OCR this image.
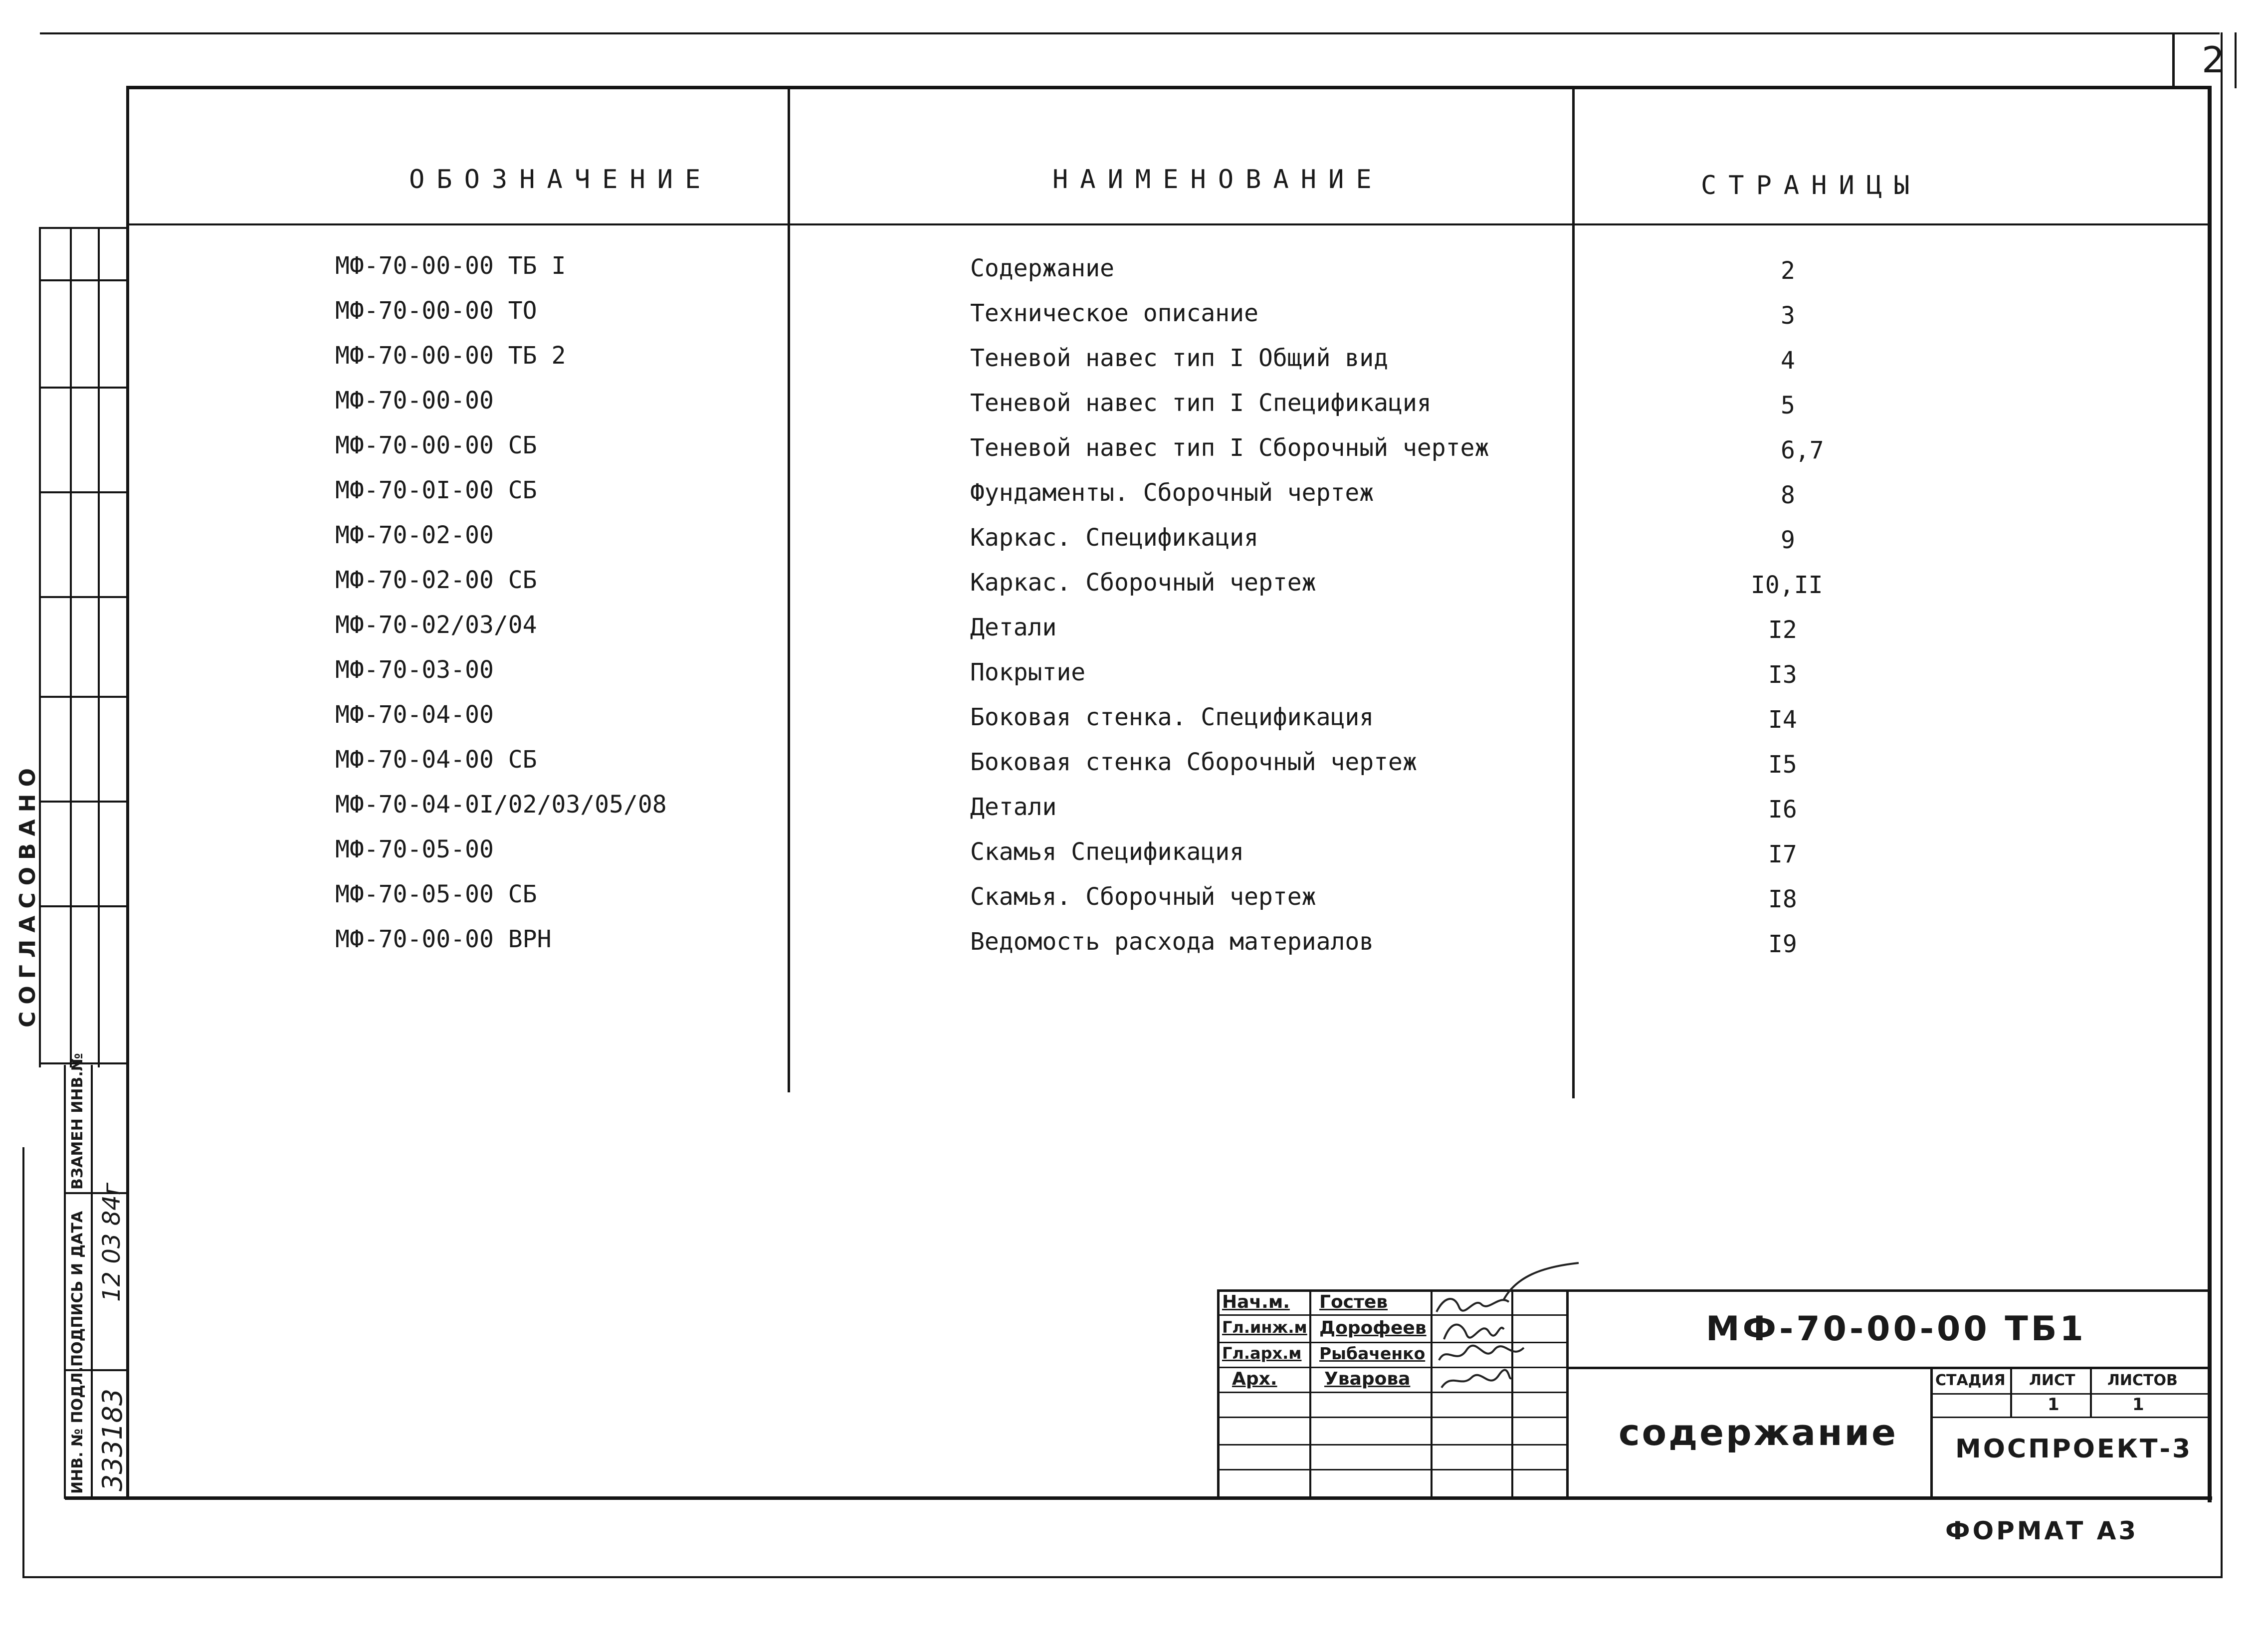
2
ОБОЗНАЧЕНИЕ	НАИМЕНОВАНИЕ	СТРАНИЦЫ
МФ-70-00-00 ТБ I	Содержание	2
МФ-70-00-00 ТО	Техническое описание	3
МФ-70-00-00 ТБ 2	Теневой навес тип I Общий вид	4
МФ-70-00-00	Теневой навес тип I Спецификация	5
МФ-70-00-00 СБ	Теневой навес тип I Сборочный чертеж	6,7
МФ-70-0I-00 СБ	Фундаменты. Сборочный чертеж	8
МФ-70-02-00	Каркас. Спецификация	9
МФ-70-02-00 СБ	Каркас. Сборочный чертеж	I0,II
МФ-70-02/03/04	Детали	I2
МФ-70-03-00	Покрытие	I3
МФ-70-04-00	Боковая стенка. Спецификация	I4
МФ-70-04-00 СБ	Боковая стенка Сборочный чертеж	I5
МФ-70-04-0I/02/03/05/08	Детали	I6
МФ-70-05-00	Скамья Спецификация	I7
МФ-70-05-00 СБ	Скамья. Сборочный чертеж	I8
МФ-70-00-00 ВРН	Ведомость расхода материалов	I9
СОГЛАСОВАНО
ВЗАМЕН ИНВ.№
ПОДПИСЬ И ДАТА 12 03 84г
ИНВ. № ПОДЛ. 333183
Нач.м. Гостев
Гл.инж.м Дорофеев
Гл.арх.м Рыбаченко
Арх.	Уварова
МФ-70-00-00 ТБ1
содержание
СТАДИЯ ЛИСТ ЛИСТОВ
1	1
МОСПРОЕКТ-3
ФОРМАТ А3
